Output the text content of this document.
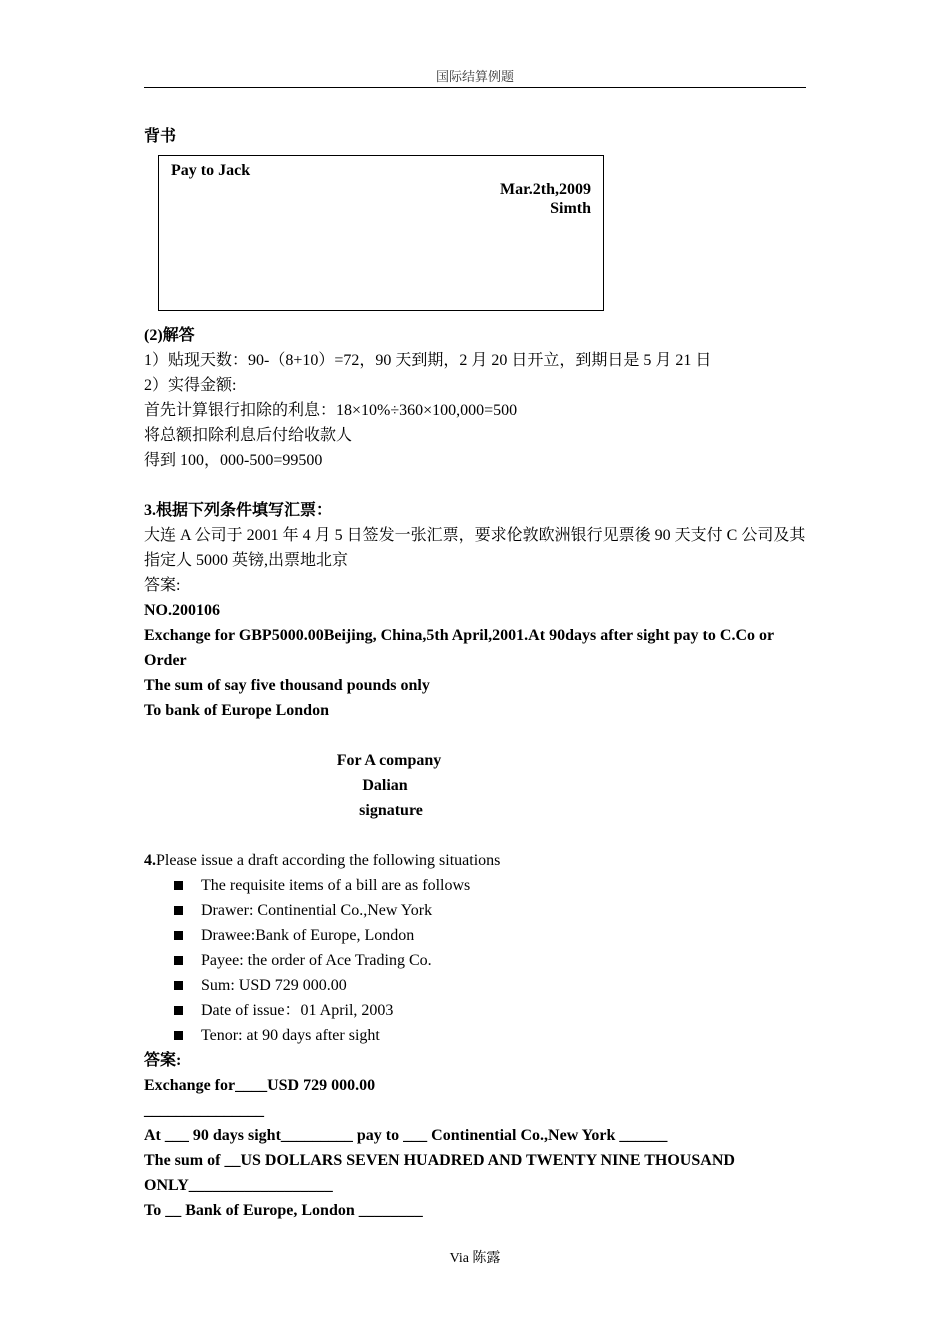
国际结算例题
背书
Pay to Jack
Mar.2th,2009
Simth
(2)解答
1）贴现天数：90-（8+10）=72，90 天到期，2 月 20 日开立，到期日是 5 月 21 日
2）实得金额:
首先计算银行扣除的利息：18×10%÷360×100,000=500
将总额扣除利息后付给收款人
得到 100，000-500=99500
3.根据下列条件填写汇票：
大连 A 公司于 2001 年 4 月 5 日签发一张汇票，要求伦敦欧洲银行见票後 90 天支付 C 公司及其指定人 5000 英镑,出票地北京
答案:
NO.200106
Exchange for GBP5000.00Beijing, China,5th April,2001.At 90days after sight pay to C.Co or Order
The sum of say five thousand pounds only
To bank of Europe London
For A company
Dalian
signature
4.Please issue a draft according the following situations
The requisite items of a bill are as follows
Drawer: Continential Co.,New York
Drawee:Bank of Europe, London
Payee: the order of Ace Trading Co.
Sum: USD 729 000.00
Date of issue：01 April, 2003
Tenor: at 90 days after sight
答案:
Exchange for____USD 729 000.00
_______________
At ___ 90 days sight_________ pay to ___ Continential Co.,New York ______
The sum of __US DOLLARS SEVEN HUADRED AND TWENTY NINE THOUSAND ONLY__________________
To __ Bank of Europe, London ________
Via 陈露
